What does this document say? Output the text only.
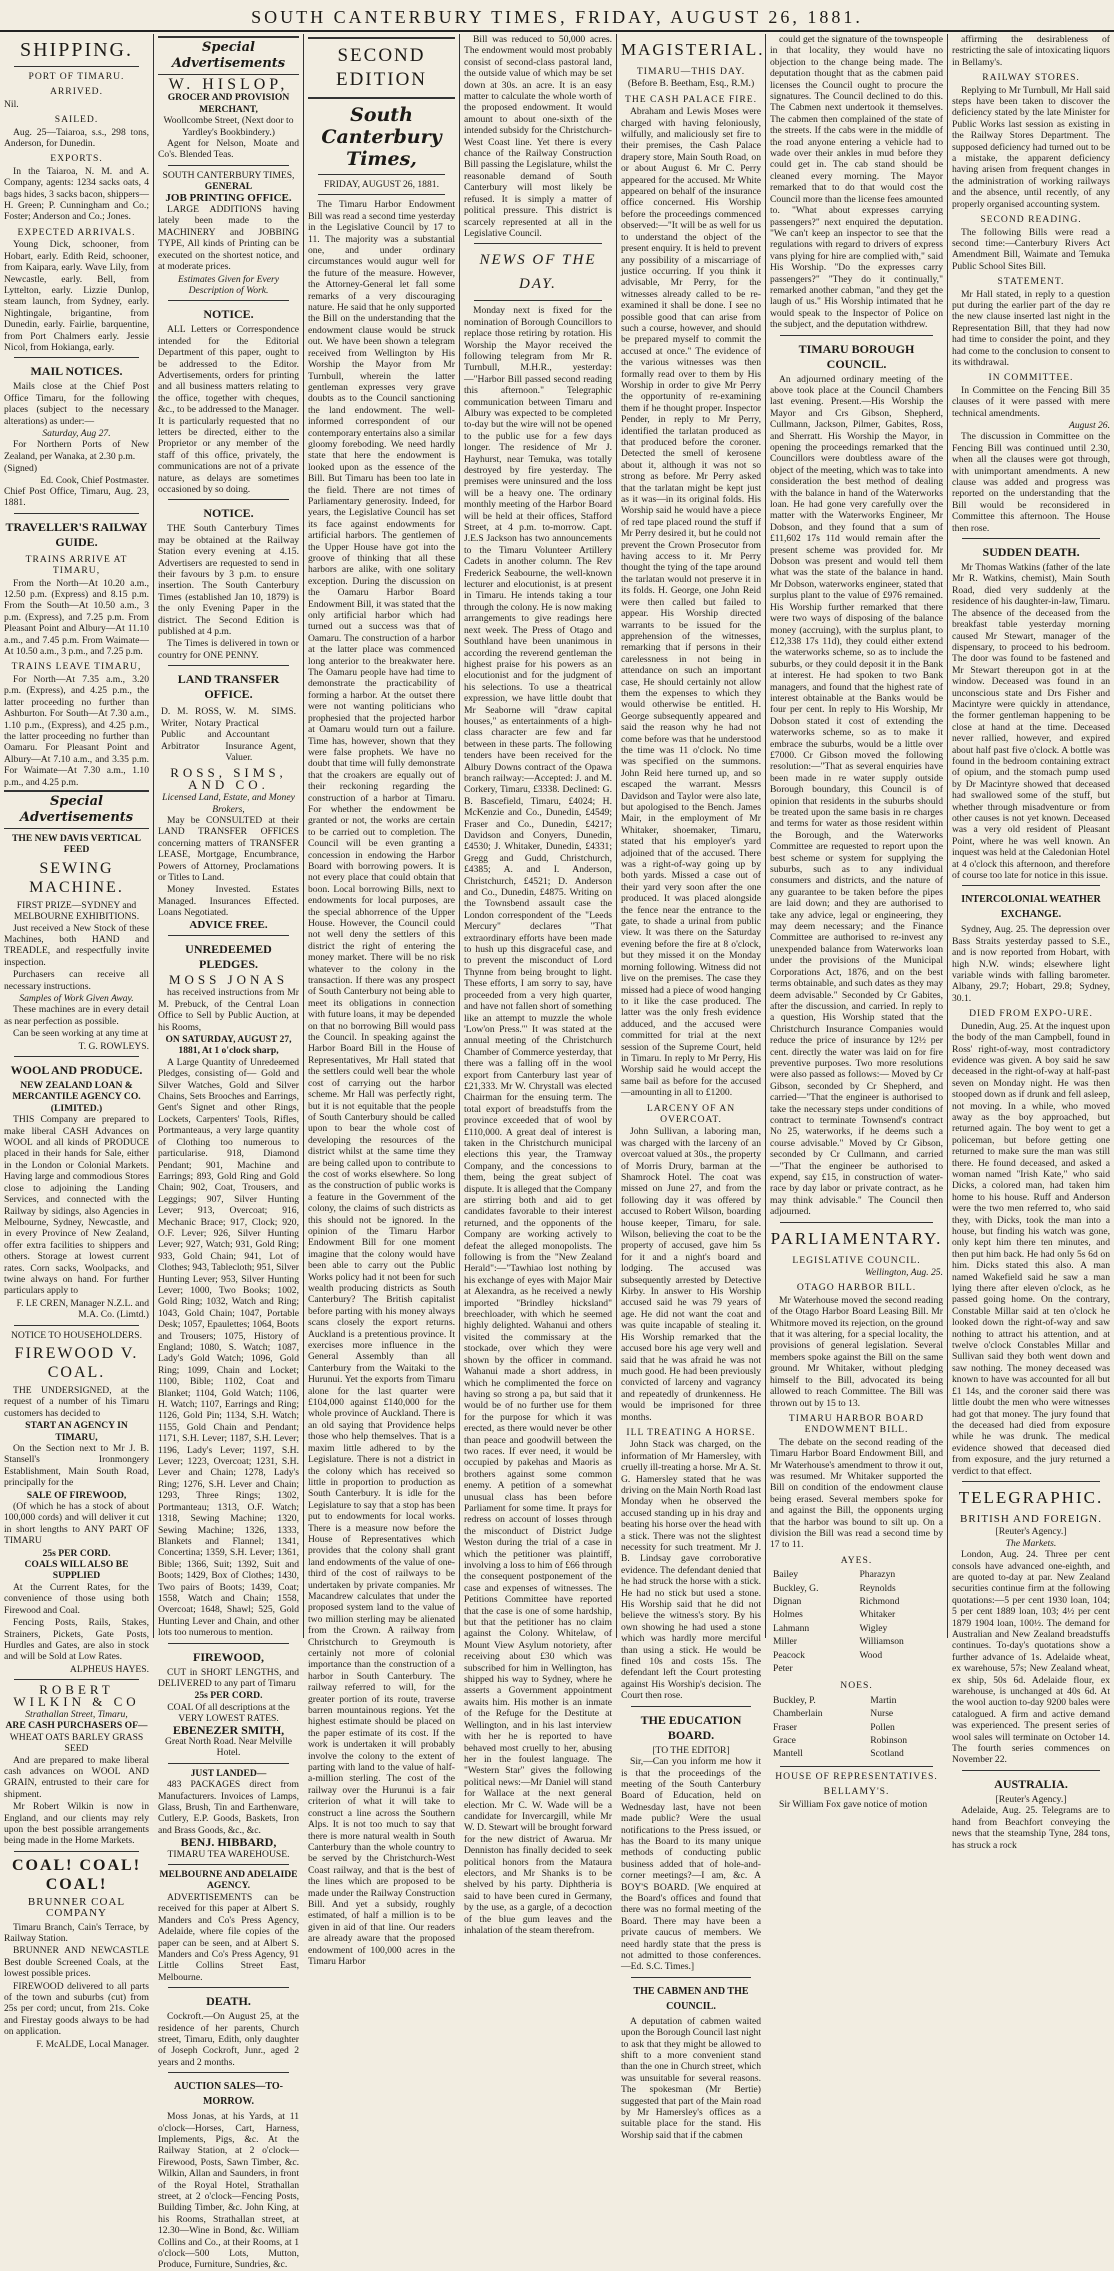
SOUTH CANTERBURY TIMES, FRIDAY, AUGUST 26, 1881.
SHIPPING.
PORT OF TIMARU.
ARRIVED.

Nil.

SAILED.

Aug. 25—Taiaroa, s.s., 298 tons, Anderson, for Dunedin.

EXPORTS.

In the Taiaroa, N. M. and A. Company, agents: 1234 sacks oats, 4 bags hides, 3 sacks bacon, shippers—H. Green; P. Cunningham and Co.; Foster; Anderson and Co.; Jones.

EXPECTED ARRIVALS.

Young Dick, schooner, from Hobart, early. Edith Reid, schooner, from Kaipara, early. Wave Lily, from Newcastle, early. Bell, from Lyttelton, early. Lizzie Dunlop, steam launch, from Sydney, early. Nightingale, brigantine, from Dunedin, early. Fairlie, barquentine, from Port Chalmers early. Jessie Nicol, from Hokianga, early.

MAIL NOTICES.

Mails close at the Chief Post Office Timaru, for the following places (subject to the necessary alterations) as under:—

Saturday, Aug 27.

For Northern Ports of New Zealand, per Wanaka, at 2.30 p.m.

(Signed)

Ed. Cook, Chief Postmaster.

Chief Post Office, Timaru, Aug. 23, 1881.

TRAVELLER'S RAILWAY GUIDE.
TRAINS ARRIVE AT TIMARU,

From the North—At 10.20 a.m., 12.50 p.m. (Express) and 8.15 p.m. From the South—At 10.50 a.m., 3 p.m. (Express), and 7.25 p.m. From Pleasant Point and Albury—At 11.10 a.m., and 7.45 p.m. From Waimate—At 10.50 a.m., 3 p.m., and 7.25 p.m.

TRAINS LEAVE TIMARU,

For North—At 7.35 a.m., 3.20 p.m. (Express), and 4.25 p.m., the latter proceeding no further than Ashburton. For South—At 7.30 a.m., 1.10 p.m., (Express), and 4.25 p.m., the latter proceeding no further than Oamaru. For Pleasant Point and Albury—At 7.10 a.m., and 3.35 p.m. For Waimate—At 7.30 a.m., 1.10 p.m., and 4.25 p.m.

Special Advertisements

THE NEW DAVIS VERTICAL FEED

SEWING MACHINE.

FIRST PRIZE—SYDNEY and MELBOURNE EXHIBITIONS.

Just received a New Stock of these Machines, both HAND and TREADLE, and respectfully invite inspection.

Purchasers can receive all necessary instructions.

Samples of Work Given Away.

These machines are in every detail as near perfection as possible.

Can be seen working at any time at

T. G. ROWLEYS.

WOOL AND PRODUCE.

NEW ZEALAND LOAN & MERCANTILE AGENCY CO. (LIMITED.)

THIS Company are prepared to make liberal CASH Advances on WOOL and all kinds of PRODUCE placed in their hands for Sale, either in the London or Colonial Markets. Having large and commodious Stores close to adjoining the Landing Services, and connected with the Railway by sidings, also Agencies in Melbourne, Sydney, Newcastle, and in every Province of New Zealand, offer extra facilities to shippers and others. Storage at lowest current rates. Corn sacks, Woolpacks, and twine always on hand. For further particulars apply to

F. LE CREN, Manager N.Z.L. and M.A. Co. (Limtd.)

NOTICE TO HOUSEHOLDERS.

FIREWOOD V. COAL.

THE UNDERSIGNED, at the request of a number of his Timaru customers has decided to

START AN AGENCY IN TIMARU,

On the Section next to Mr J. B. Stansell's Ironmongery Establishment, Main South Road, principally for the

SALE OF FIREWOOD,

(Of which he has a stock of about 100,000 cords) and will deliver it cut in short lengths to ANY PART OF TIMARU

25s PER CORD.

COALS WILL ALSO BE SUPPLIED

At the Current Rates, for the convenience of those using both Firewood and Coal.

Fencing Posts, Rails, Stakes, Strainers, Pickets, Gate Posts, Hurdles and Gates, are also in stock and will be Sold at Low Rates.

ALPHEUS HAYES.

ROBERT WILKIN & CO

Strathallan Street, Timaru,

ARE CASH PURCHASERS OF—

WHEAT OATS BARLEY GRASS SEED

And are prepared to make liberal cash advances on WOOL AND GRAIN, entrusted to their care for shipment.

Mr Robert Wilkin is now in England, and our clients may rely upon the best possible arrangements being made in the Home Markets.

COAL! COAL! COAL!

BRUNNER COAL COMPANY

Timaru Branch, Cain's Terrace, by Railway Station.

BRUNNER AND NEWCASTLE Best double Screened Coals, at the lowest possible prices.

FIREWOOD delivered to all parts of the town and suburbs (cut) from 25s per cord; uncut, from 21s. Coke and Firestay goods always to be had on application.

F. McALDE, Local Manager.

Special Advertisements

W. HISLOP,

GROCER AND PROVISION MERCHANT,

Woollcombe Street, (Next door to Yardley's Bookbindery.)

Agent for Nelson, Moate and Co's. Blended Teas.

SOUTH CANTERBURY TIMES,

GENERAL

JOB PRINTING OFFICE.

LARGE ADDITIONS having lately been made to the MACHINERY and JOBBING TYPE, All kinds of Printing can be executed on the shortest notice, and at moderate prices.

Estimates Given for Every Description of Work.

NOTICE.

ALL Letters or Correspondence intended for the Editorial Department of this paper, ought to be addressed to the Editor. Advertisements, orders for printing and all business matters relating to the office, together with cheques, &c., to be addressed to the Manager. It is particularly requested that no letters be directed, either to the Proprietor or any member of the staff of this office, privately, the communications are not of a private nature, as delays are sometimes occasioned by so doing.

NOTICE.

THE South Canterbury Times may be obtained at the Railway Station every evening at 4.15. Advertisers are requested to send in their favours by 3 p.m. to ensure insertion. The South Canterbury Times (established Jan 10, 1879) is the only Evening Paper in the district. The Second Edition is published at 4 p.m.

The Times is delivered in town or country for ONE PENNY.

LAND TRANSFER OFFICE.
D. M. ROSS, Writer, Notary Public and Arbitrator	W. M. SIMS. Practical Accountant Insurance Agent, Valuer.

ROSS, SIMS, AND CO.

Licensed Land, Estate, and Money Brokers,

May be CONSULTED at their LAND TRANSFER OFFICES concerning matters of TRANSFER LEASE, Mortgage, Encumbrance, Powers of Attorney, Proclamations or Titles to Land.

Money Invested. Estates Managed. Insurances Effected. Loans Negotiated.

ADVICE FREE.

UNREDEEMED PLEDGES.

MOSS JONAS

has received instructions from Mr M. Prebuck, of the Central Loan Office to Sell by Public Auction, at his Rooms,

ON SATURDAY, AUGUST 27, 1881, At 1 o'clock sharp,

A Large Quantity of Unredeemed Pledges, consisting of— Gold and Silver Watches, Gold and Silver Chains, Sets Brooches and Earrings, Gent's Signet and other Rings, Lockets, Carpenters' Tools, Rifles, Portmanteaus, a very large quantity of Clothing too numerous to particularise. 918, Diamond Pendant; 901, Machine and Earrings; 893, Gold Ring and Gold Chain; 902, Coat, Trousers, and Leggings; 907, Silver Hunting Lever; 913, Overcoat; 916, Mechanic Brace; 917, Clock; 920, O.F. Lever; 926, Silver Hunting Lever; 927, Watch; 931, Gold Ring; 933, Gold Chain; 941, Lot of Clothes; 943, Tablecloth; 951, Silver Hunting Lever; 953, Silver Hunting Lever; 1000, Two Books; 1002, Gold Ring; 1032, Watch and Ring; 1043, Gold Chain; 1047, Portable Desk; 1057, Epaulettes; 1064, Boots and Trousers; 1075, History of England; 1080, S. Watch; 1087, Lady's Gold Watch; 1096, Gold Ring; 1099, Chain and Locket; 1100, Bible; 1102, Coat and Blanket; 1104, Gold Watch; 1106, H. Watch; 1107, Earrings and Ring; 1126, Gold Pin; 1134, S.H. Watch; 1155, Gold Chain and Pendant; 1171, S.H. Lever; 1187, S.H. Lever; 1196, Lady's Lever; 1197, S.H. Lever; 1223, Overcoat; 1231, S.H. Lever and Chain; 1278, Lady's Ring; 1276, S.H. Lever and Chain; 1293, Three Rings; 1302, Portmanteau; 1313, O.F. Watch; 1318, Sewing Machine; 1320, Sewing Machine; 1326, 1333, Blankets and Flannel; 1341, Concertina; 1359, S.H. Lever; 1361, Bible; 1366, Suit; 1392, Suit and Boots; 1429, Box of Clothes; 1430, Two pairs of Boots; 1439, Coat; 1558, Watch and Chain; 1558, Overcoat; 1648, Shawl; 525, Gold Hunting Lever and Chain, and other lots too numerous to mention.

FIREWOOD,

CUT in SHORT LENGTHS, and DELIVERED to any part of Timaru

25s PER CORD.

COAL Of all descriptions at the VERY LOWEST RATES.

EBENEZER SMITH,

Great North Road. Near Melville Hotel.

JUST LANDED—

483 PACKAGES direct from Manufacturers. Invoices of Lamps, Glass, Brush, Tin and Earthenware, Cutlery, E.P. Goods, Baskets, Iron and Brass Goods, &c., &c.

BENJ. HIBBARD,

TIMARU TEA WAREHOUSE.

MELBOURNE AND ADELAIDE AGENCY.

ADVERTISEMENTS can be received for this paper at Albert S. Manders and Co's Press Agency, Adelaide, where file copies of the paper can be seen, and at Albert S. Manders and Co's Press Agency, 91 Little Collins Street East, Melbourne.

DEATH.

Cockroft.—On August 25, at the residence of her parents, Church street, Timaru, Edith, only daughter of Joseph Cockroft, Junr., aged 2 years and 2 months.

AUCTION SALES—TO-MORROW.

Moss Jonas, at his Yards, at 11 o'clock—Horses, Cart, Harness, Implements, Pigs, &c. At the Railway Station, at 2 o'clock—Firewood, Posts, Sawn Timber, &c. Wilkin, Allan and Saunders, in front of the Royal Hotel, Strathallan street, at 2 o'clock—Fencing Posts, Building Timber, &c. John King, at his Rooms, Strathallan street, at 12.30—Wine in Bond, &c. William Collins and Co., at their Rooms, at 1 o'clock—500 Lots, Mutton, Produce, Furniture, Sundries, &c.

SECOND EDITION
South Canterbury Times,

FRIDAY, AUGUST 26, 1881.

The Timaru Harbor Endowment Bill was read a second time yesterday in the Legislative Council by 17 to 11. The majority was a substantial one, and under ordinary circumstances would augur well for the future of the measure. However, the Attorney-General let fall some remarks of a very discouraging nature. He said that he only supported the Bill on the understanding that the endowment clause would be struck out. We have been shown a telegram received from Wellington by His Worship the Mayor from Mr Turnbull, wherein the latter gentleman expresses very grave doubts as to the Council sanctioning the land endowment. The well-informed correspondent of our contemporary entertains also a similar gloomy foreboding. We need hardly state that here the endowment is looked upon as the essence of the Bill. But Timaru has been too late in the field. There are not times of Parliamentary generosity. Indeed, for years, the Legislative Council has set its face against endowments for artificial harbors. The gentlemen of the Upper House have got into the groove of thinking that all these harbors are alike, with one solitary exception. During the discussion on the Oamaru Harbor Board Endowment Bill, it was stated that the only artificial harbor which had turned out a success was that of Oamaru. The construction of a harbor at the latter place was commenced long anterior to the breakwater here. The Oamaru people have had time to demonstrate the practicability of forming a harbor. At the outset there were not wanting politicians who prophesied that the projected harbor at Oamaru would turn out a failure. Time has, however, shown that they were false prophets. We have no doubt that time will fully demonstrate that the croakers are equally out of their reckoning regarding the construction of a harbor at Timaru. For whether the endowment be granted or not, the works are certain to be carried out to completion. The Council will be even granting a concession in endowing the Harbor Board with borrowing powers. It is not every place that could obtain that boon. Local borrowing Bills, next to endowments for local purposes, are the special abhorrence of the Upper House. However, the Council could not well deny the settlers of this district the right of entering the money market. There will be no risk whatever to the colony in the transaction. If there was any prospect of South Canterbury not being able to meet its obligations in connection with future loans, it may be depended on that no borrowing Bill would pass the Council. In speaking against the Harbor Board Bill in the House of Representatives, Mr Hall stated that the settlers could well bear the whole cost of carrying out the harbor scheme. Mr Hall was perfectly right, but it is not equitable that the people of South Canterbury should be called upon to bear the whole cost of developing the resources of the district whilst at the same time they are being called upon to contribute to the cost of works elsewhere. So long as the construction of public works is a feature in the Government of the colony, the claims of such districts as this should not be ignored. In the opinion of the Timaru Harbor Endowment Bill for one moment imagine that the colony would have been able to carry out the Public Works policy had it not been for such wealth producing districts as South Canterbury? The British capitalist before parting with his money always scans closely the export returns. Auckland is a pretentious province. It exercises more influence in the General Assembly than all Canterbury from the Waitaki to the Hurunui. Yet the exports from Timaru alone for the last quarter were £104,000 against £140,000 for the whole province of Auckland. There is an old saying that Providence helps those who help themselves. That is a maxim little adhered to by the Legislature. There is not a district in the colony which has received so little in proportion to production as South Canterbury. It is idle for the Legislature to say that a stop has been put to endowments for local works. There is a measure now before the House of Representatives which provides that the colony shall grant land endowments of the value of one-third of the cost of railways to be undertaken by private companies. Mr Macandrew calculates that under the proposed system land to the value of two million sterling may be alienated from the Crown. A railway from Christchurch to Greymouth is certainly not more of colonial importance than the construction of a harbor in South Canterbury. The railway referred to will, for the greater portion of its route, traverse barren mountainous regions. Yet the highest estimate should be placed on the paper estimate of its cost. If the work is undertaken it will probably involve the colony to the extent of parting with land to the value of half-a-million sterling. The cost of the railway over the Hurunui is a fair criterion of what it will take to construct a line across the Southern Alps. It is not too much to say that there is more natural wealth in South Canterbury than the whole country to be served by the Christchurch-West Coast railway, and that is the best of the lines which are proposed to be made under the Railway Construction Bill. And yet a subsidy, roughly estimated, of half a million is to be given in aid of that line. Our readers are already aware that the proposed endowment of 100,000 acres in the Timaru Harbor

Bill was reduced to 50,000 acres. The endowment would most probably consist of second-class pastoral land, the outside value of which may be set down at 30s. an acre. It is an easy matter to calculate the whole worth of the proposed endowment. It would amount to about one-sixth of the intended subsidy for the Christchurch-West Coast line. Yet there is every chance of the Railway Construction Bill passing the Legislature, whilst the reasonable demand of South Canterbury will most likely be refused. It is simply a matter of political pressure. This district is scarcely represented at all in the Legislative Council.

NEWS OF THE DAY.

Monday next is fixed for the nomination of Borough Councillors to replace those retiring by rotation. His Worship the Mayor received the following telegram from Mr R. Turnbull, M.H.R., yesterday:—"Harbor Bill passed second reading this afternoon." Telegraphic communication between Timaru and Albury was expected to be completed to-day but the wire will not be opened to the public use for a few days longer. The residence of Mr J. Hayhurst, near Temuka, was totally destroyed by fire yesterday. The premises were uninsured and the loss will be a heavy one. The ordinary monthly meeting of the Harbor Board will be held at their offices, Stafford Street, at 4 p.m. to-morrow. Capt. J.E.S Jackson has two announcements to the Timaru Volunteer Artillery Cadets in another column. The Rev Frederick Seabourne, the well-known lecturer and elocutionist, is at present in Timaru. He intends taking a tour through the colony. He is now making arrangements to give readings here next week. The Press of Otago and Southland have been unanimous in according the reverend gentleman the highest praise for his powers as an elocutionist and for the judgment of his selections. To use a theatrical expression, we have little doubt that Mr Seaborne will "draw capital houses," as entertainments of a high-class character are few and far between in these parts. The following tenders have been received for the Albury Downs contract of the Opawa branch railway:—Accepted: J. and M. Corkery, Timaru, £3338. Declined: G. B. Bascefield, Timaru, £4024; H. McKenzie and Co., Dunedin, £4549; Fraser and Co., Dunedin, £4217; Davidson and Conyers, Dunedin, £4530; J. Whitaker, Dunedin, £4331; Gregg and Gudd, Christchurch, £4385; A. and I. Anderson, Christchurch, £4521; D. Anderson and Co., Dunedin, £4875. Writing on the Townsbend assault case the London correspondent of the "Leeds Mercury" declares "That extraordinary efforts have been made to hush up this disgraceful case, and to prevent the misconduct of Lord Thynne from being brought to light. These efforts, I am sorry to say, have proceeded from a very high quarter, and have not fallen short of something like an attempt to muzzle the whole 'Low'on Press.'" It was stated at the annual meeting of the Christchurch Chamber of Commerce yesterday, that there was a falling off in the wool export from Canterbury last year of £21,333. Mr W. Chrystall was elected Chairman for the ensuing term. The total export of breadstuffs from the province exceeded that of wool by £110,000. A great deal of interest is taken in the Christchurch municipal elections this year, the Tramway Company, and the concessions to them, being the great subject of dispute. It is alleged that the Company are stirring both and aid to get candidates favorable to their interest returned, and the opponents of the Company are working actively to defeat the alleged monopolists. The following is from the "New Zealand Herald":—"Tawhiao lost nothing by his exchange of eyes with Major Mair at Alexandra, as he received a newly imported "Brindley hicksland" breechloader, with which he seemed highly delighted. Wahanui and others visited the commissary at the stockade, over which they were shown by the officer in command. Wahanui made a short address, in which he complimented the force on having so strong a pa, but said that it would be of no further use for them for the purpose for which it was erected, as there would never be other than peace and goodwill between the two races. If ever need, it would be occupied by pakehas and Maoris as brothers against some common enemy. A petition of a somewhat unusual class has been before Parliament for some time. It prays for redress on account of losses through the misconduct of District Judge Weston during the trial of a case in which the petitioner was plaintiff, involving a loss to him of £66 through the consequent postponement of the case and expenses of witnesses. The Petitions Committee have reported that the case is one of some hardship, but that the petitioner has no claim against the Colony. Whitelaw, of Mount View Asylum notoriety, after receiving about £30 which was subscribed for him in Wellington, has shipped his way to Sydney, where he asserts a Government appointment awaits him. His mother is an inmate of the Refuge for the Destitute at Wellington, and in his last interview with her he is reported to have behaved most cruelly to her, abusing her in the foulest language. The "Western Star" gives the following political news:—Mr Daniel will stand for Wallace at the next general election. Mr C. W. Wade will be a candidate for Invercargill, while Mr W. D. Stewart will be brought forward for the new district of Awarua. Mr Denniston has finally decided to seek political honors from the Mataura electors, and Mr Shanks is to be shelved by his party. Diphtheria is said to have been cured in Germany, by the use, as a gargle, of a decoction of the blue gum leaves and the inhalation of the steam therefrom.

MAGISTERIAL.
TIMARU—THIS DAY.

(Before B. Beetham, Esq., R.M.)

THE CASH PALACE FIRE.

Abraham and Lewis Moses were charged with having feloniously, wilfully, and maliciously set fire to their premises, the Cash Palace drapery store, Main South Road, on or about August 6. Mr C. Perry appeared for the accused. Mr White appeared on behalf of the insurance office concerned. His Worship before the proceedings commenced observed:—"It will be as well for us to understand the object of the present enquiry. It is held to prevent any possibility of a miscarriage of justice occurring. If you think it advisable, Mr Perry, for the witnesses already called to be re-examined it shall be done. I see no possible good that can arise from such a course, however, and should be prepared myself to commit the accused at once." The evidence of the various witnesses was then formally read over to them by His Worship in order to give Mr Perry the opportunity of re-examining them if he thought proper. Inspector Pender, in reply to Mr Perry, identified the tarlatan produced as that produced before the coroner. Detected the smell of kerosene about it, although it was not so strong as before. Mr Perry asked that the tarlatan might be kept just as it was—in its original folds. His Worship said he would have a piece of red tape placed round the stuff if Mr Perry desired it, but he could not prevent the Crown Prosecutor from having access to it. Mr Perry thought the tying of the tape around the tarlatan would not preserve it in its folds. H. George, one John Reid were then called but failed to appear. His Worship directed warrants to be issued for the apprehension of the witnesses, remarking that if persons in their carelessness in not being in attendance on such an important case, He should certainly not allow them the expenses to which they would otherwise be entitled. H. George subsequently appeared and said the reason why he had not come before was that he understood the time was 11 o'clock. No time was specified on the summons. John Reid here turned up, and so escaped the warrant. Messrs Davidson and Taylor were also late, but apologised to the Bench. James Mair, in the employment of Mr Whitaker, shoemaker, Timaru, stated that his employer's yard adjoined that of the accused. There was a right-of-way going up by both yards. Missed a case out of their yard very soon after the one produced. It was placed alongside the fence near the entrance to the gate, to shade a urinal from public view. It was there on the Saturday evening before the fire at 8 o'clock, but they missed it on the Monday morning following. Witness did not live on the premises. The case they missed had a piece of wood hanging to it like the case produced. The latter was the only fresh evidence adduced, and the accused were committed for trial at the next session of the Supreme Court, held in Timaru. In reply to Mr Perry, His Worship said he would accept the same bail as before for the accused—amounting in all to £1200.

LARCENY OF AN OVERCOAT.

John Sullivan, a laboring man, was charged with the larceny of an overcoat valued at 30s., the property of Morris Drury, barman at the Shamrock Hotel. The coat was missed on June 27, and from the following day it was offered by accused to Robert Wilson, boarding house keeper, Timaru, for sale. Wilson, believing the coat to be the property of accused, gave him 5s for it and a night's board and lodging. The accused was subsequently arrested by Detective Kirby. In answer to His Worship accused said he was 79 years of age. He did not want the coat and was quite incapable of stealing it. His Worship remarked that the accused bore his age very well and said that he was afraid he was not much good. He had been previously convicted of larceny and vagrancy and repeatedly of drunkenness. He would be imprisoned for three months.

ILL TREATING A HORSE.

John Stack was charged, on the information of Mr Hamersley, with cruelly ill-treating a horse. Mr A. St. G. Hamersley stated that he was driving on the Main North Road last Monday when he observed the accused standing up in his dray and beating his horse over the head with a stick. There was not the slightest necessity for such treatment. Mr J. B. Lindsay gave corroborative evidence. The defendant denied that he had struck the horse with a stick. He had no stick but used a stone. His Worship said that he did not believe the witness's story. By his own showing he had used a stone which was hardly more merciful than using a stick. He would be fined 10s and costs 15s. The defendant left the Court protesting against His Worship's decision. The Court then rose.

THE EDUCATION BOARD.

[TO THE EDITOR]

Sir,—Can you inform me how it is that the proceedings of the meeting of the South Canterbury Board of Education, held on Wednesday last, have not been made public? Were the usual notifications to the Press issued, or has the Board to its many unique methods of conducting public business added that of hole-and-corner meetings?—I am, &c. A BOY'S BOARD. [We enquired at the Board's offices and found that there was no formal meeting of the Board. There may have been a private caucus of members. We need hardly state that the press is not admitted to those conferences.—Ed. S.C. Times.]

THE CABMEN AND THE COUNCIL.

A deputation of cabmen waited upon the Borough Council last night to ask that they might be allowed to shift to a more convenient stand than the one in Church street, which was unsuitable for several reasons. The spokesman (Mr Bertie) suggested that part of the Main road by Mr Hamersley's offices as a suitable place for the stand. His Worship said that if the cabmen

could get the signature of the townspeople in that locality, they would have no objection to the change being made. The deputation thought that as the cabmen paid licenses the Council ought to procure the signatures. The Council declined to do this. The Cabmen next undertook it themselves. The cabmen then complained of the state of the streets. If the cabs were in the middle of the road anyone entering a vehicle had to wade over their ankles in mud before they could get in. The cab stand should be cleaned every morning. The Mayor remarked that to do that would cost the Council more than the license fees amounted to. "What about expresses carrying passengers?" next enquired the deputation. "We can't keep an inspector to see that the regulations with regard to drivers of express vans plying for hire are complied with," said His Worship. "Do the expresses carry passengers?" "They do it continually," remarked another cabman, "and they get the laugh of us." His Worship intimated that he would speak to the Inspector of Police on the subject, and the deputation withdrew.

TIMARU BOROUGH COUNCIL.

An adjourned ordinary meeting of the above took place at the Council Chambers last evening. Present.—His Worship the Mayor and Crs Gibson, Shepherd, Cullmann, Jackson, Pilmer, Gabites, Ross, and Sherratt. His Worship the Mayor, in opening the proceedings remarked that the Councillors were doubtless aware of the object of the meeting, which was to take into consideration the best method of dealing with the balance in hand of the Waterworks loan. He had gone very carefully over the matter with the Waterworks Engineer, Mr Dobson, and they found that a sum of £11,602 17s 11d would remain after the present scheme was provided for. Mr Dobson was present and would tell them what was the state of the balance in hand. Mr Dobson, waterworks engineer, stated that surplus plant to the value of £976 remained. His Worship further remarked that there were two ways of disposing of the balance money (accruing), with the surplus plant, to £12,338 17s 11d), they could either extend the waterworks scheme, so as to include the suburbs, or they could deposit it in the Bank at interest. He had spoken to two Bank managers, and found that the highest rate of interest obtainable at the Banks would be four per cent. In reply to His Worship, Mr Dobson stated it cost of extending the waterworks scheme, so as to make it embrace the suburbs, would be a little over £7000. Cr Gibson moved the following resolution:—"That as several enquiries have been made in re water supply outside Borough boundary, this Council is of opinion that residents in the suburbs should be treated upon the same basis in re charges and terms for water as those resident within the Borough, and the Waterworks Committee are requested to report upon the best scheme or system for supplying the suburbs, such as to any individual consumers and districts, and the nature of any guarantee to be taken before the pipes are laid down; and they are authorised to take any advice, legal or engineering, they may deem necessary; and the Finance Committee are authorised to re-invest any unexpended balance from Waterworks loan under the provisions of the Municipal Corporations Act, 1876, and on the best terms obtainable, and such dates as they may deem advisable." Seconded by Cr Gabites, after the discussion, and carried. In reply to a question, His Worship stated that the Christchurch Insurance Companies would reduce the price of insurance by 12½ per cent. directly the water was laid on for fire preventive purposes. Two more resolutions were also passed as follows:— Moved by Cr Gibson, seconded by Cr Shepherd, and carried—"That the engineer is authorised to take the necessary steps under conditions of contract to terminate Townsend's contract No 25, waterworks, if he deems such a course advisable." Moved by Cr Gibson, seconded by Cr Cullmann, and carried—"That the engineer be authorised to expend, say £15, in construction of water-race by day labor or private contract, as he may think advisable." The Council then adjourned.

PARLIAMENTARY.
LEGISLATIVE COUNCIL.

Wellington, Aug. 25.

OTAGO HARBOR BILL.

Mr Waterhouse moved the second reading of the Otago Harbor Board Leasing Bill. Mr Whitmore moved its rejection, on the ground that it was altering, for a special locality, the provisions of general legislation. Several members spoke against the Bill on the same ground. Mr Whitaker, without pledging himself to the Bill, advocated its being allowed to reach Committee. The Bill was thrown out by 15 to 13.

TIMARU HARBOR BOARD ENDOWMENT BILL.

The debate on the second reading of the Timaru Harbor Board Endowment Bill, and Mr Waterhouse's amendment to throw it out, was resumed. Mr Whitaker supported the Bill on condition of the endowment clause being erased. Several members spoke for and against the Bill, the opponents urging that the harbor was bound to silt up. On a division the Bill was read a second time by 17 to 11.

AYES.
Bailey	Pharazyn
Buckley, G.	Reynolds
Dignan	Richmond
Holmes	Whitaker
Lahmann	Wigley
Miller	Williamson
Peacock	Wood
Peter	
NOES.
Buckley, P.	Martin
Chamberlain	Nurse
Fraser	Pollen
Grace	Robinson
Mantell	Scotland
HOUSE OF REPRESENTATIVES.
BELLAMY'S.

Sir William Fox gave notice of motion

affirming the desirableness of restricting the sale of intoxicating liquors in Bellamy's.

RAILWAY STORES.

Replying to Mr Turnbull, Mr Hall said steps have been taken to discover the deficiency stated by the late Minister for Public Works last session as existing in the Railway Stores Department. The supposed deficiency had turned out to be a mistake, the apparent deficiency having arisen from frequent changes in the administration of working railways and the absence, until recently, of any properly organised accounting system.

SECOND READING.

The following Bills were read a second time:—Canterbury Rivers Act Amendment Bill, Waimate and Temuka Public School Sites Bill.

STATEMENT.

Mr Hall stated, in reply to a question put during the earlier part of the day re the new clause inserted last night in the Representation Bill, that they had now had time to consider the point, and they had come to the conclusion to consent to its withdrawal.

IN COMMITTEE.

In Committee on the Fencing Bill 35 clauses of it were passed with mere technical amendments.

August 26.

The discussion in Committee on the Fencing Bill was continued until 2.30, when all the clauses were got through, with unimportant amendments. A new clause was added and progress was reported on the understanding that the Bill would be reconsidered in Committee this afternoon. The House then rose.

SUDDEN DEATH.

Mr Thomas Watkins (father of the late Mr R. Watkins, chemist), Main South Road, died very suddenly at the residence of his daughter-in-law, Timaru. The absence of the deceased from the breakfast table yesterday morning caused Mr Stewart, manager of the dispensary, to proceed to his bedroom. The door was found to be fastened and Mr Stewart thereupon got in at the window. Deceased was found in an unconscious state and Drs Fisher and Macintyre were quickly in attendance, the former gentleman happening to be close at hand at the time. Deceased never rallied, however, and expired about half past five o'clock. A bottle was found in the bedroom containing extract of opium, and the stomach pump used by Dr Macintyre showed that deceased had swallowed some of the stuff, but whether through misadventure or from other causes is not yet known. Deceased was a very old resident of Pleasant Point, where he was well known. An inquest was held at the Caledonian Hotel at 4 o'clock this afternoon, and therefore of course too late for notice in this issue.

INTERCOLONIAL WEATHER EXCHANGE.

Sydney, Aug. 25. The depression over Bass Straits yesterday passed to S.E., and is now reported from Hobart, with high N.W. winds; elsewhere light variable winds with falling barometer. Albany, 29.7; Hobart, 29.8; Sydney, 30.1.

DIED FROM EXPO-URE.

Dunedin, Aug. 25. At the inquest upon the body of the man Campbell, found in Ross' right-of-way, most contradictory evidence was given. A boy said he saw deceased in the right-of-way at half-past seven on Monday night. He was then stooped down as if drunk and fell asleep, not moving. In a while, who moved away as the boy approached, but returned again. The boy went to get a policeman, but before getting one returned to make sure the man was still there. He found deceased, and asked a woman named "Irish Kate," who said Dicks, a colored man, had taken him home to his house. Ruff and Anderson were the two men referred to, who said they, with Dicks, took the man into a house, but finding his watch was gone, only kept him there ten minutes, and then put him back. He had only 5s 6d on him. Dicks stated this also. A man named Wakefield said he saw a man lying there after eleven o'clock, as he passed going home. On the contrary, Constable Millar said at ten o'clock he looked down the right-of-way and saw nothing to attract his attention, and at twelve o'clock Constables Millar and Sullivan said they both went down and saw nothing. The money deceased was known to have was accounted for all but £1 14s, and the coroner said there was little doubt the men who were witnesses had got that money. The jury found that the deceased had died from exposure while he was drunk. The medical evidence showed that deceased died from exposure, and the jury returned a verdict to that effect.

TELEGRAPHIC.
BRITISH AND FOREIGN.

[Reuter's Agency.]

The Markets.

London, Aug. 24. Three per cent consols have advanced one-eighth, and are quoted to-day at par. New Zealand securities continue firm at the following quotations:—5 per cent 1930 loan, 104; 5 per cent 1889 loan, 103; 4½ per cent 1879 1904 loan, 100½. The demand for Australian and New Zealand breadstuffs continues. To-day's quotations show a further advance of 1s. Adelaide wheat, ex warehouse, 57s; New Zealand wheat, ex ship, 50s 6d. Adelaide flour, ex warehouse, is unchanged at 40s 6d. At the wool auction to-day 9200 bales were catalogued. A firm and active demand was experienced. The present series of wool sales will terminate on October 14. The fourth series commences on November 22.

AUSTRALIA.

[Reuter's Agency.]

Adelaide, Aug. 25. Telegrams are to hand from Beachfort conveying the news that the steamship Tyne, 284 tons, has struck a rock
